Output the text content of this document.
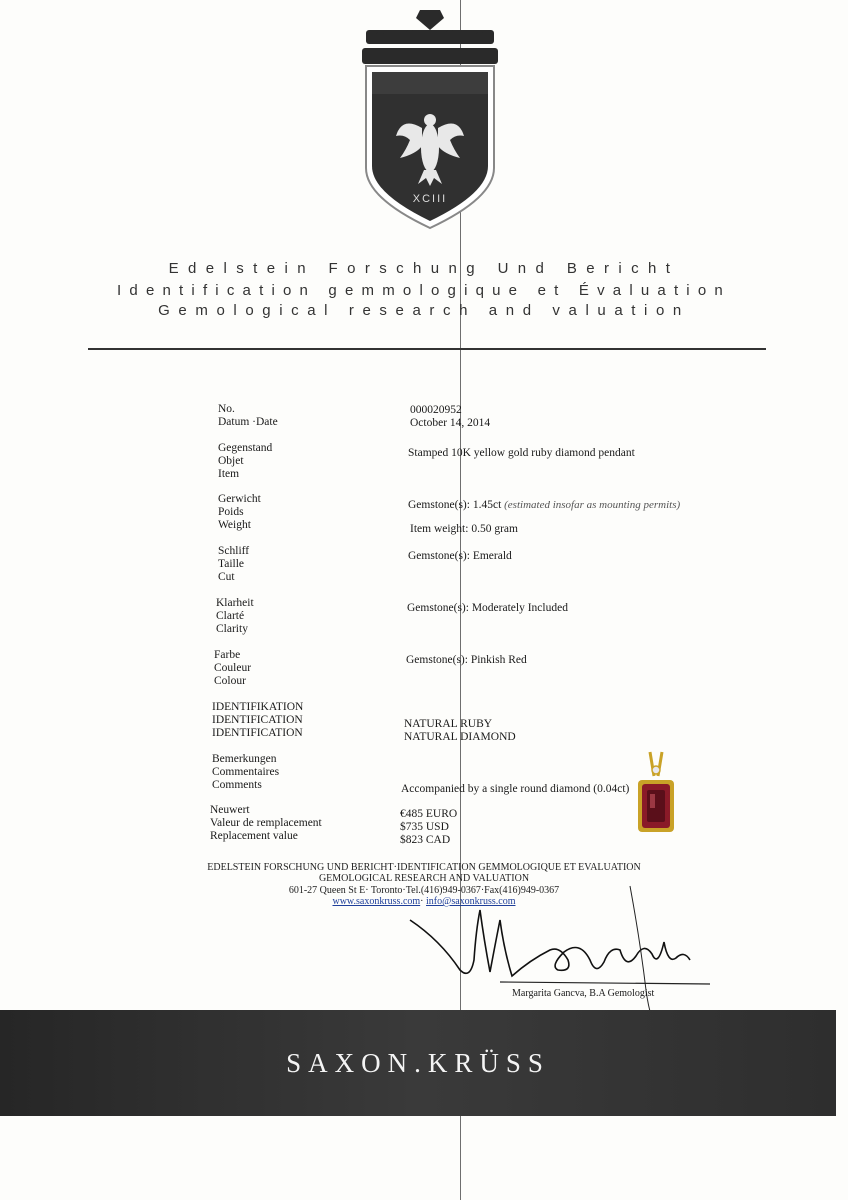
XCIII
Edelstein Forschung Und Bericht
Identification gemmologique et Évaluation
Gemological research and valuation
No.
Datum ·Date
Gegenstand
Objet
Item
Gerwicht
Poids
Weight
Schliff
Taille
Cut
Klarheit
Clarté
Clarity
Farbe
Couleur
Colour
IDENTIFIKATION
IDENTIFICATION
IDENTIFICATION
Bemerkungen
Commentaires
Comments
Neuwert
Valeur de remplacement
Replacement value
000020952
October 14, 2014
Stamped 10K yellow gold ruby diamond pendant
Gemstone(s): 1.45ct (estimated insofar as mounting permits)
Item weight: 0.50 gram
Gemstone(s): Emerald
Gemstone(s): Moderately Included
Gemstone(s): Pinkish Red
NATURAL RUBY
NATURAL DIAMOND
Accompanied by a single round diamond (0.04ct)
€485 EURO
$735 USD
$823 CAD
EDELSTEIN FORSCHUNG UND BERICHT·IDENTIFICATION GEMMOLOGIQUE ET EVALUATION
GEMOLOGICAL RESEARCH AND VALUATION
601-27 Queen St E· Toronto·Tel.(416)949-0367·Fax(416)949-0367
www.saxonkruss.com· info@saxonkruss.com
Margarita Gancva, B.A Gemologist
SAXON.KRÜSS
